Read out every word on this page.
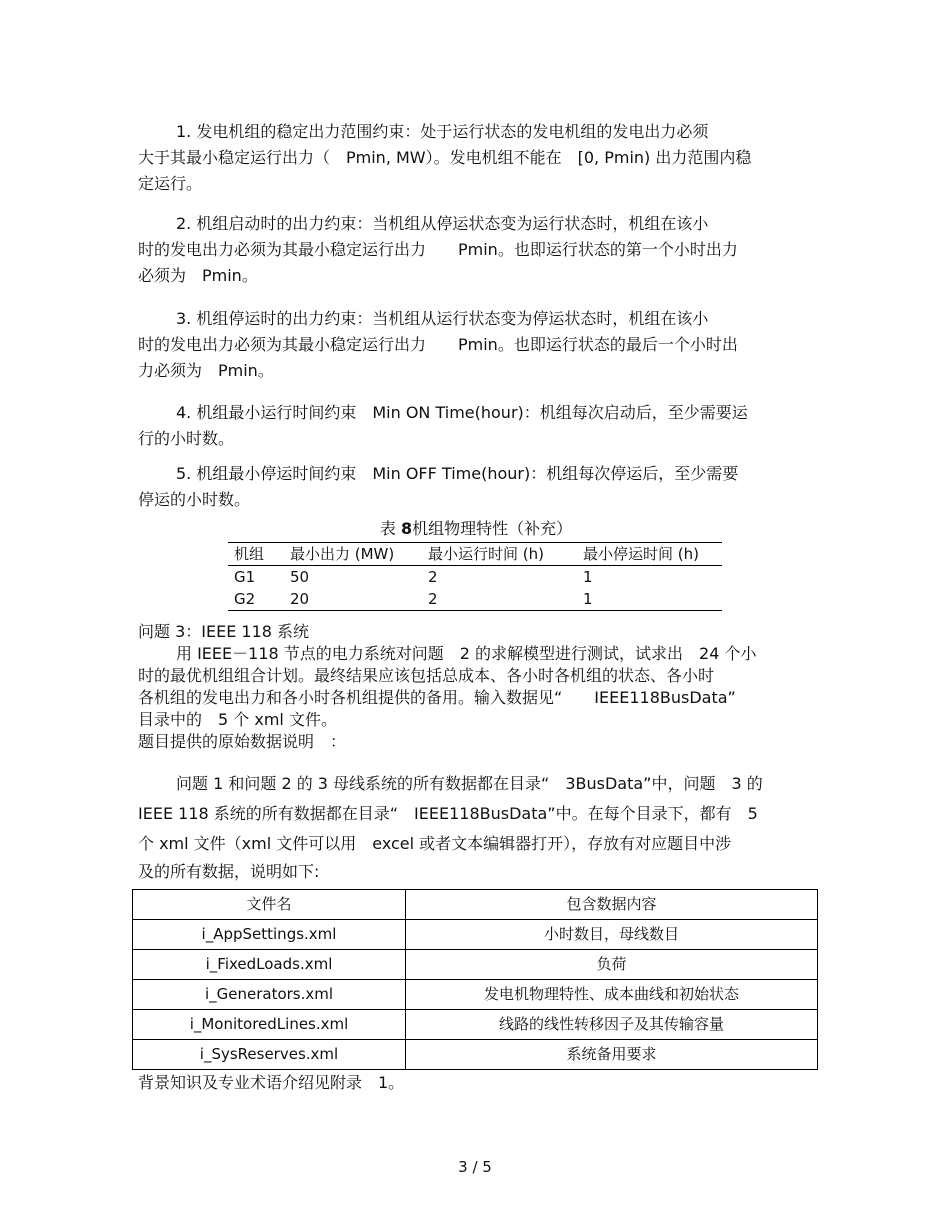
1. 发电机组的稳定出力范围约束：处于运行状态的发电机组的发电出力必须
大于其最小稳定运行出力（　Pmin, MW）。发电机组不能在　[0, Pmin) 出力范围内稳
定运行。
2. 机组启动时的出力约束：当机组从停运状态变为运行状态时，机组在该小
时的发电出力必须为其最小稳定运行出力　　Pmin。也即运行状态的第一个小时出力
必须为　Pmin。
3. 机组停运时的出力约束：当机组从运行状态变为停运状态时，机组在该小
时的发电出力必须为其最小稳定运行出力　　Pmin。也即运行状态的最后一个小时出
力必须为　Pmin。
4. 机组最小运行时间约束　Min ON Time(hour)：机组每次启动后，至少需要运
行的小时数。
5. 机组最小停运时间约束　Min OFF Time(hour)：机组每次停运后，至少需要
停运的小时数。
表 8机组物理特性（补充）
机组	最小出力 (MW)	最小运行时间 (h)	最小停运时间 (h)
G1	50	2	1
G2	20	2	1
问题 3：IEEE 118 系统
用 IEEE－118 节点的电力系统对问题　2 的求解模型进行测试，试求出　24 个小
时的最优机组组合计划。最终结果应该包括总成本、各小时各机组的状态、各小时
各机组的发电出力和各小时各机组提供的备用。输入数据见“　　IEEE118BusData”
目录中的　5 个 xml 文件。
题目提供的原始数据说明　：
问题 1 和问题 2 的 3 母线系统的所有数据都在目录“　3BusData”中，问题　3 的
IEEE 118 系统的所有数据都在目录“　IEEE118BusData”中。在每个目录下，都有　5
个 xml 文件（xml 文件可以用　excel 或者文本编辑器打开），存放有对应题目中涉
及的所有数据，说明如下:
文件名	包含数据内容
i_AppSettings.xml	小时数目，母线数目
i_FixedLoads.xml	负荷
i_Generators.xml	发电机物理特性、成本曲线和初始状态
i_MonitoredLines.xml	线路的线性转移因子及其传输容量
i_SysReserves.xml	系统备用要求
背景知识及专业术语介绍见附录　1。
3 / 5
